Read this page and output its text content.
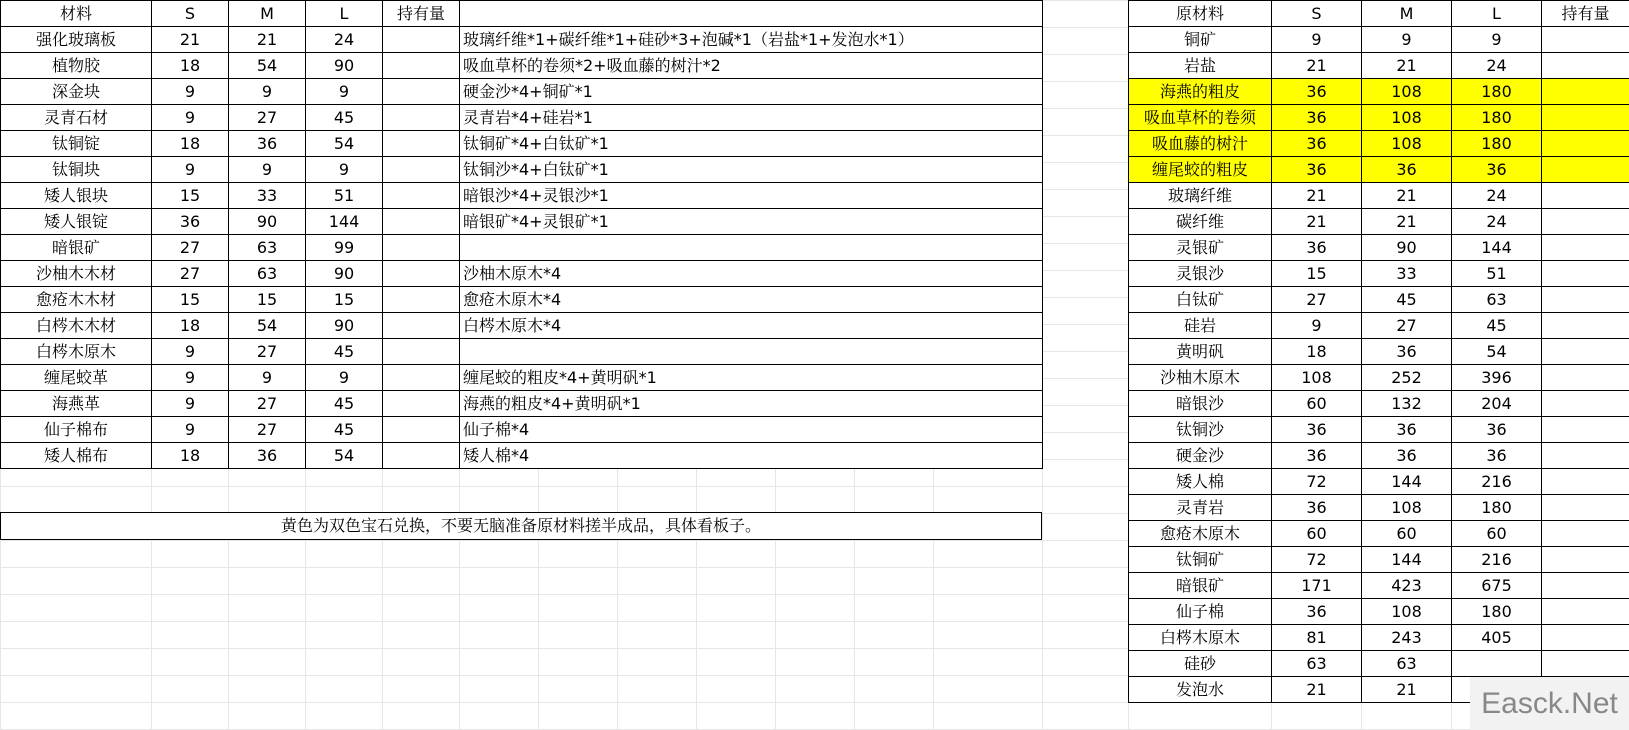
材料	S	M	L	持有量	
强化玻璃板	21	21	24		玻璃纤维*1+碳纤维*1+硅砂*3+泡碱*1（岩盐*1+发泡水*1）
植物胶	18	54	90		吸血草杯的卷须*2+吸血藤的树汁*2
深金块	9	9	9		硬金沙*4+铜矿*1
灵青石材	9	27	45		灵青岩*4+硅岩*1
钛铜锭	18	36	54		钛铜矿*4+白钛矿*1
钛铜块	9	9	9		钛铜沙*4+白钛矿*1
矮人银块	15	33	51		暗银沙*4+灵银沙*1
矮人银锭	36	90	144		暗银矿*4+灵银矿*1
暗银矿	27	63	99		
沙柚木木材	27	63	90		沙柚木原木*4
愈疮木木材	15	15	15		愈疮木原木*4
白梣木木材	18	54	90		白梣木原木*4
白梣木原木	9	27	45		
缠尾蛟革	9	9	9		缠尾蛟的粗皮*4+黄明矾*1
海燕革	9	27	45		海燕的粗皮*4+黄明矾*1
仙子棉布	9	27	45		仙子棉*4
矮人棉布	18	36	54		矮人棉*4
黄色为双色宝石兑换，不要无脑准备原材料搓半成品，具体看板子。
原材料	S	M	L	持有量
铜矿	9	9	9	
岩盐	21	21	24	
海燕的粗皮	36	108	180	
吸血草杯的卷须	36	108	180	
吸血藤的树汁	36	108	180	
缠尾蛟的粗皮	36	36	36	
玻璃纤维	21	21	24	
碳纤维	21	21	24	
灵银矿	36	90	144	
灵银沙	15	33	51	
白钛矿	27	45	63	
硅岩	9	27	45	
黄明矾	18	36	54	
沙柚木原木	108	252	396	
暗银沙	60	132	204	
钛铜沙	36	36	36	
硬金沙	36	36	36	
矮人棉	72	144	216	
灵青岩	36	108	180	
愈疮木原木	60	60	60	
钛铜矿	72	144	216	
暗银矿	171	423	675	
仙子棉	36	108	180	
白梣木原木	81	243	405	
硅砂	63	63		
发泡水	21	21			Easck.Net
